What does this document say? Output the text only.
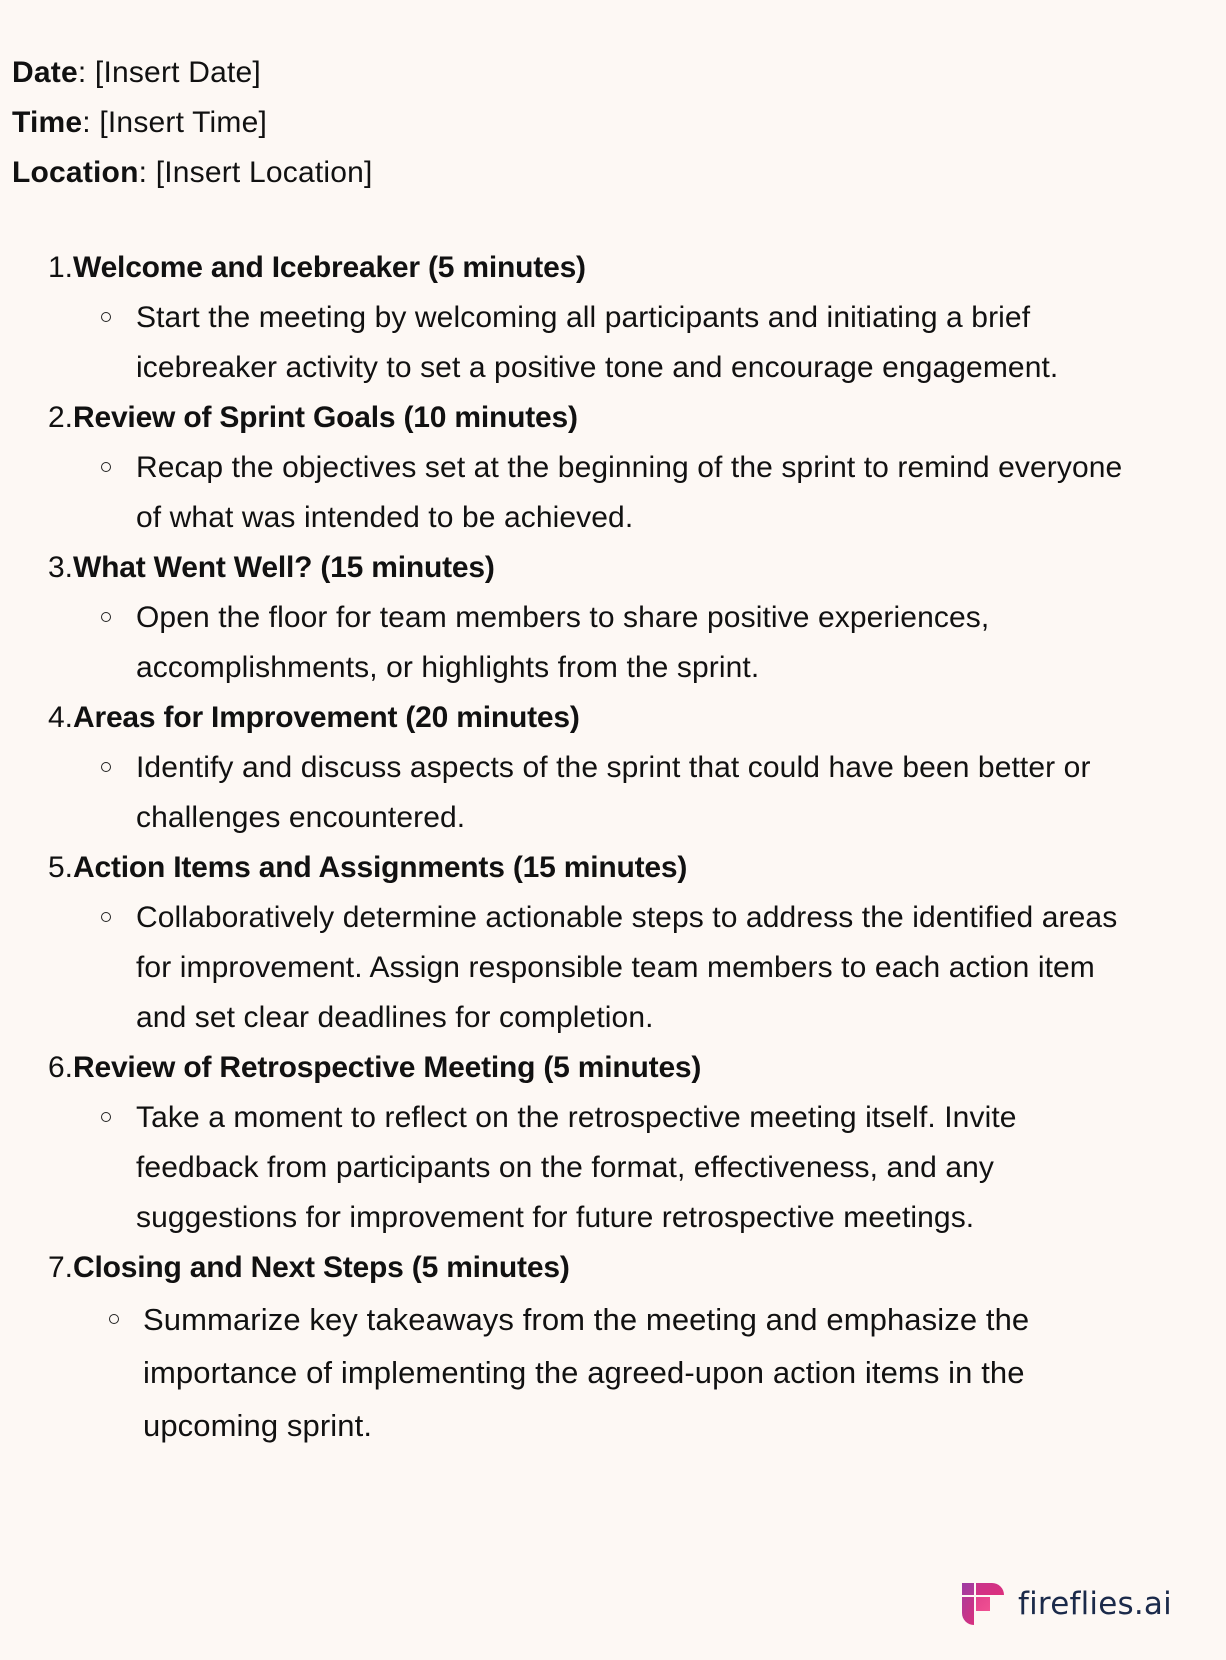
Date: [Insert Date]
Time: [Insert Time]
Location: [Insert Location]
1. Welcome and Icebreaker (5 minutes)
Start the meeting by welcoming all participants and initiating a brief icebreaker activity to set a positive tone and encourage engagement.
2. Review of Sprint Goals (10 minutes)
Recap the objectives set at the beginning of the sprint to remind everyone of what was intended to be achieved.
3. What Went Well? (15 minutes)
Open the floor for team members to share positive experiences, accomplishments, or highlights from the sprint.
4. Areas for Improvement (20 minutes)
Identify and discuss aspects of the sprint that could have been better or challenges encountered.
5. Action Items and Assignments (15 minutes)
Collaboratively determine actionable steps to address the identified areas for improvement. Assign responsible team members to each action item and set clear deadlines for completion.
6. Review of Retrospective Meeting (5 minutes)
Take a moment to reflect on the retrospective meeting itself. Invite feedback from participants on the format, effectiveness, and any suggestions for improvement for future retrospective meetings.
7. Closing and Next Steps (5 minutes)
Summarize key takeaways from the meeting and emphasize the importance of implementing the agreed-upon action items in the upcoming sprint.
fireflies.ai
